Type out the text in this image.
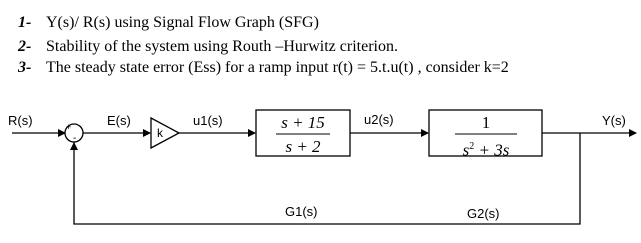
1- Y(s)/ R(s) using Signal Flow Graph (SFG)
2- Stability of the system using Routh –Hurwitz criterion.
3- The steady state error (Ess) for a ramp input r(t) = 5.t.u(t) , consider k=2
R(s)	E(s)	u1(s)	u2(s)	Y(s)
+
-	k
s + 15
s + 2
G1(s)
1
$s^2 + 3s$
G2(s)
